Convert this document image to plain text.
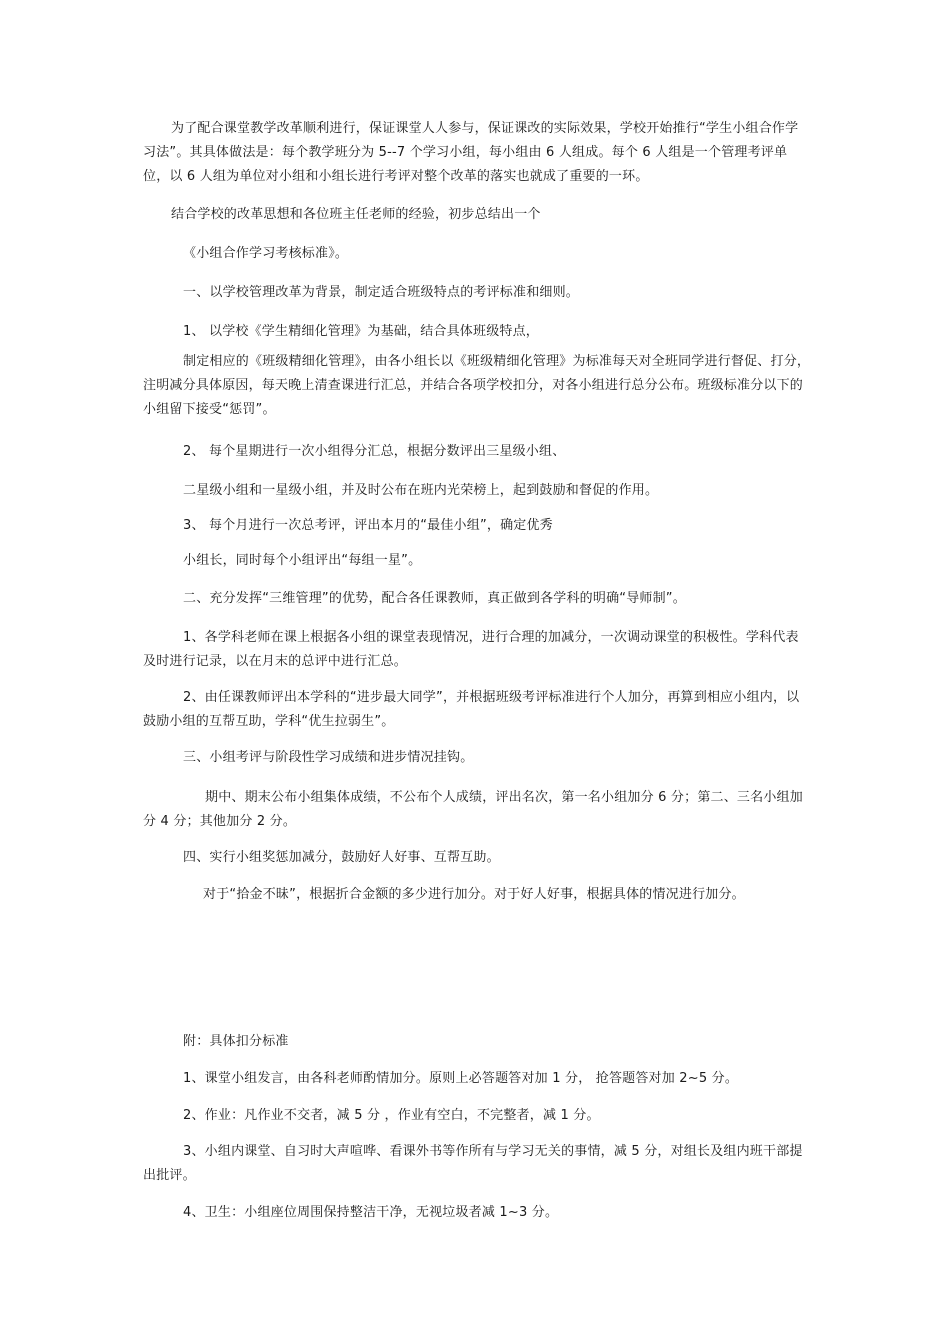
为了配合课堂教学改革顺利进行，保证课堂人人参与，保证课改的实际效果，学校开始推行“学生小组合作学习法”。其具体做法是：每个教学班分为 5--7 个学习小组，每小组由 6 人组成。每个 6 人组是一个管理考评单位，以 6 人组为单位对小组和小组长进行考评对整个改革的落实也就成了重要的一环。

结合学校的改革思想和各位班主任老师的经验，初步总结出一个

《小组合作学习考核标准》。

一、以学校管理改革为背景，制定适合班级特点的考评标准和细则。

1、 以学校《学生精细化管理》为基础，结合具体班级特点，

制定相应的《班级精细化管理》，由各小组长以《班级精细化管理》为标准每天对全班同学进行督促、打分，注明减分具体原因，每天晚上清查课进行汇总，并结合各项学校扣分，对各小组进行总分公布。班级标准分以下的小组留下接受“惩罚”。

2、 每个星期进行一次小组得分汇总，根据分数评出三星级小组、

二星级小组和一星级小组，并及时公布在班内光荣榜上，起到鼓励和督促的作用。

3、 每个月进行一次总考评，评出本月的“最佳小组”，确定优秀

小组长，同时每个小组评出“每组一星”。

二、充分发挥“三维管理”的优势，配合各任课教师，真正做到各学科的明确“导师制”。

1、各学科老师在课上根据各小组的课堂表现情况，进行合理的加减分，一次调动课堂的积极性。学科代表及时进行记录，以在月末的总评中进行汇总。

2、由任课教师评出本学科的“进步最大同学”，并根据班级考评标准进行个人加分，再算到相应小组内，以鼓励小组的互帮互助，学科“优生拉弱生”。

三、小组考评与阶段性学习成绩和进步情况挂钩。

期中、期末公布小组集体成绩，不公布个人成绩，评出名次，第一名小组加分 6 分；第二、三名小组加分 4 分；其他加分 2 分。

四、实行小组奖惩加减分，鼓励好人好事、互帮互助。

对于“拾金不昧”，根据折合金额的多少进行加分。对于好人好事，根据具体的情况进行加分。

附：具体扣分标准

1、课堂小组发言，由各科老师酌情加分。原则上必答题答对加 1 分， 抢答题答对加 2~5 分。

2、作业：凡作业不交者，减 5 分 ，作业有空白，不完整者，减 1 分。

3、小组内课堂、自习时大声喧哗、看课外书等作所有与学习无关的事情，减 5 分，对组长及组内班干部提出批评。

4、卫生：小组座位周围保持整洁干净，无视垃圾者减 1~3 分。
